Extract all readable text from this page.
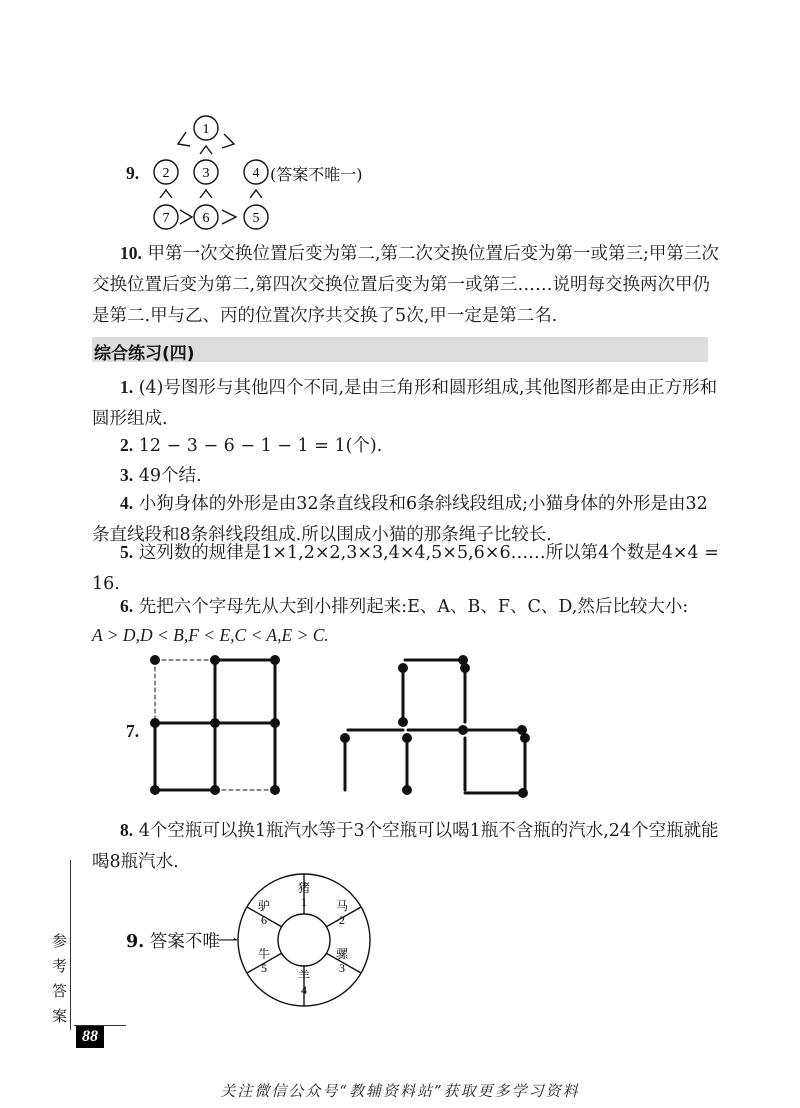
9.
1
2 3	4
7 6	5
(答案不唯一)
10. 甲第一次交换位置后变为第二,第二次交换位置后变为第一或第三;甲第三次交换位置后变为第二,第四次交换位置后变为第一或第三……说明每交换两次甲仍是第二.甲与乙、丙的位置次序共交换了5次,甲一定是第二名.
综合练习(四)
1. (4)号图形与其他四个不同,是由三角形和圆形组成,其他图形都是由正方形和圆形组成.
2. 12 − 3 − 6 − 1 − 1 = 1(个).
3. 49个结.
4. 小狗身体的外形是由32条直线段和6条斜线段组成;小猫身体的外形是由32条直线段和8条斜线段组成.所以围成小猫的那条绳子比较长.
5. 这列数的规律是1×1,2×2,3×3,4×4,5×5,6×6……所以第4个数是4×4 = 16.
6. 先把六个字母先从大到小排列起来:E、A、B、F、C、D,然后比较大小:
A > D,D < B,F < E,C < A,E > C.
7.
8. 4个空瓶可以换1瓶汽水等于3个空瓶可以喝1瓶不含瓶的汽水,24个空瓶就能喝8瓶汽水.
9. 答案不唯一
猪
1 马
2
骡
3
羊
4
牛
5
驴
6
参
考
答
案
88
关注微信公众号“教辅资料站”获取更多学习资料
